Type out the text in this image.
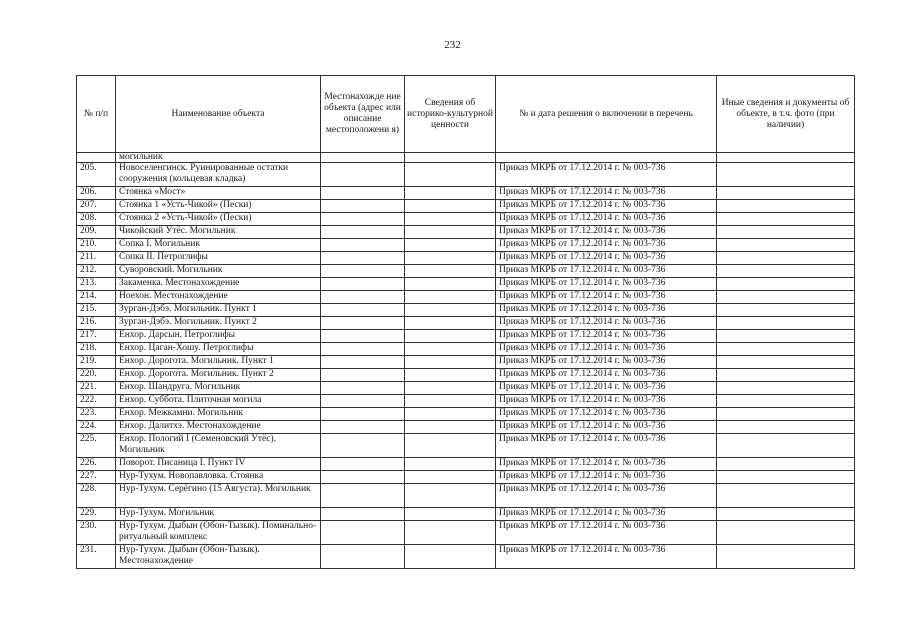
232
№ п/п	Наименование объекта	Местонахожде ние объекта (адрес или описание местоположени я)	Сведения об историко-культурной ценности	№ и дата решения о включении в перечень	Иные сведения и документы об объекте, в т.ч. фото (при наличии)
	могильник				
205.	Новоселенгинск. Руинированные остатки сооружения (кольцевая кладка)			Приказ МКРБ от 17.12.2014 г. № 003-736	
206.	Стоянка «Мост»			Приказ МКРБ от 17.12.2014 г. № 003-736	
207.	Стоянка 1 «Усть-Чикой» (Пески)			Приказ МКРБ от 17.12.2014 г. № 003-736	
208.	Стоянка 2 «Усть-Чикой» (Пески)			Приказ МКРБ от 17.12.2014 г. № 003-736	
209.	Чикойский Утёс. Могильник			Приказ МКРБ от 17.12.2014 г. № 003-736	
210.	Сопка I. Могильник			Приказ МКРБ от 17.12.2014 г. № 003-736	
211.	Сопка II. Петроглифы			Приказ МКРБ от 17.12.2014 г. № 003-736	
212.	Суворовский. Могильник			Приказ МКРБ от 17.12.2014 г. № 003-736	
213.	Закаменка. Местонахождение			Приказ МКРБ от 17.12.2014 г. № 003-736	
214.	Ноехон. Местонахождение			Приказ МКРБ от 17.12.2014 г. № 003-736	
215.	Зурган-Дэбэ. Могильник. Пункт 1			Приказ МКРБ от 17.12.2014 г. № 003-736	
216.	Зурган-Дэбэ. Могильник. Пункт 2			Приказ МКРБ от 17.12.2014 г. № 003-736	
217.	Енхор. Дарсын. Петроглифы			Приказ МКРБ от 17.12.2014 г. № 003-736	
218.	Енхор. Цаган-Хошу. Петроглифы			Приказ МКРБ от 17.12.2014 г. № 003-736	
219.	Енхор. Дорогота. Могильник. Пункт 1			Приказ МКРБ от 17.12.2014 г. № 003-736	
220.	Енхор. Дорогота. Могильник. Пункт 2			Приказ МКРБ от 17.12.2014 г. № 003-736	
221.	Енхор. Шандруга. Могильник			Приказ МКРБ от 17.12.2014 г. № 003-736	
222.	Енхор. Суббота. Плиточная могила			Приказ МКРБ от 17.12.2014 г. № 003-736	
223.	Енхор. Межкамни. Могильник			Приказ МКРБ от 17.12.2014 г. № 003-736	
224.	Енхор. Далитхэ. Местонахождение			Приказ МКРБ от 17.12.2014 г. № 003-736	
225.	Енхор. Пологий I (Семеновский Утёс). Могильник			Приказ МКРБ от 17.12.2014 г. № 003-736	
226.	Поворот. Писаница I. Пункт IV			Приказ МКРБ от 17.12.2014 г. № 003-736	
227.	Нур-Тухум. Новопавловка. Стоянка			Приказ МКРБ от 17.12.2014 г. № 003-736	
228.	Нур-Тухум. Серёгино (15 Августа). Могильник			Приказ МКРБ от 17.12.2014 г. № 003-736	
229.	Нур-Тухум. Могильник			Приказ МКРБ от 17.12.2014 г. № 003-736	
230.	Нур-Тухум. Дыбын (Обон-Тызык). Поминально-ритуальный комплекс			Приказ МКРБ от 17.12.2014 г. № 003-736	
231.	Нур-Тухум. Дыбын (Обон-Тызык). Местонахождение			Приказ МКРБ от 17.12.2014 г. № 003-736	
